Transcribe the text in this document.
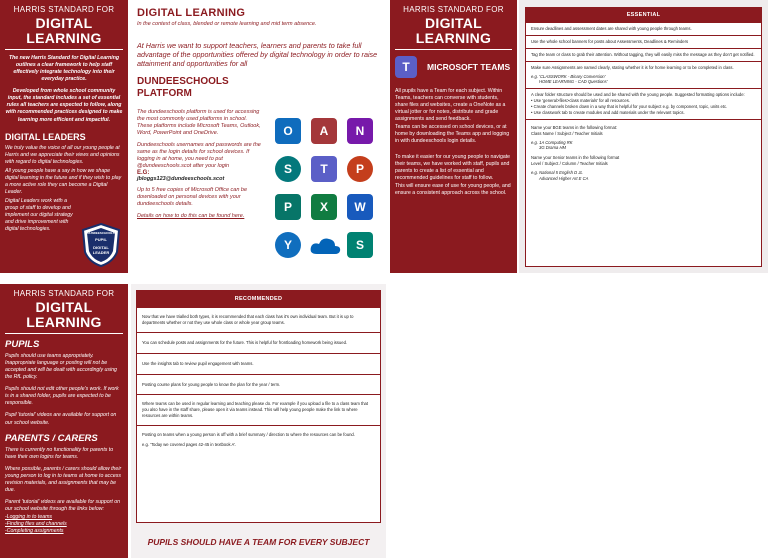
HARRIS STANDARD FOR
DIGITAL LEARNING

The new Harris Standard for Digital Learning outlines a clear framework to help staff effectively integrate technology into their everyday practice.

Developed from whole school community input, the standard includes a set of essential rules all teachers are expected to follow, along with recommended practices designed to make learning more efficient and impactful.

DIGITAL LEADERS

We truly value the voice of all our young people at Harris and we appreciate their views and opinions with regard to digital technologies.

All young people have a say in how we shape digital learning in the future and if they wish to play a more active role they can become a Digital Leader.

Digital Leaders work with a group of staff to develop and implement our digital strategy and drive improvement with digital technologies.

DUNDEESCHOOLS
PUPIL
DIGITAL
LEADER
DIGITAL LEARNING
In the context of class, blended or remote learning and mid term absence.

At Harris we want to support teachers, learners and parents to take full advantage of the opportunities offered by digital technology in order to raise attainment and opportunities for all

DUNDEESCHOOLS
PLATFORM

The dundeeschools platform is used for accessing the most commonly used platforms in school. These platforms include Microsoft Teams, Outlook, Word, PowerPoint and OneDrive.

Dundeeschools usernames and passwords are the same as the login details for school devices. If logging in at home, you need to put @dundeeschools.scot after your login

E.G:
jbloggs123@dundeeschools.scot

Up to 5 free copies of Microsoft Office can be downloaded on personal devices with your dundeeschools details.

Details on how to do this can be found here.

O	A	N
S	T	P
P	X	W
Y	S
HARRIS STANDARD FOR
DIGITAL LEARNING
T	MICROSOFT TEAMS

All pupils have a Team for each subject. Within Teams, teachers can converse with students, share files and websites, create a OneNote as a virtual jotter or for notes, distribute and grade assignments and send feedback.

Teams can be accessed on school devices, or at home by downloading the Teams app and logging in with dundeeschools login details.

To make it easier for our young people to navigate their teams, we have worked with staff, pupils and parents to create a list of essential and recommended guidelines for staff to follow.

This will ensure ease of use for young people, and ensure a consistent approach across the school.

ESSENTIAL
Ensure deadlines and assessment dates are shared with young people through teams.
Use the whole school banners for posts about Assessments, Deadlines & Reminders
Tag the team or class to grab their attention. Without tagging, they will easily miss the message as they don't get notified.
Make sure Assignments are named clearly, stating whether it is for home learning or to be completed in class.
e.g. 'CLASSWORK - Binary Conversion'
HOME LEARNING - CAD Questions'
A clear folder structure should be used and be shared with the young people. Suggested formatting options include:
• Use 'general>files>class materials' for all resources.
• Create channels broken down in a way that is helpful for your subject e.g. by component, topic, units etc.
• Use classwork tab to create modules and add materials under the relevant topics.
Name your BGE teams in the following format:
Class Name / Subject / Teacher Initials
e.g. 1A Computing RK
3G Drama HM
Name your Senior teams in the following format
Level / Subject / Column / Teacher Initials
e.g. National 5 English D JL
Advanced Higher Art E CA
HARRIS STANDARD FOR
DIGITAL LEARNING
PUPILS

Pupils should use teams appropriately. Inappropriate language or posting will not be accepted and will be dealt with accordingly using the RfL policy.

Pupils should not edit other people's work. If work is in a shared folder, pupils are expected to be responsible.

Pupil 'tutorial' videos are available for support on our school website.

PARENTS / CARERS

There is currently no functionality for parents to have their own logins for teams.

Where possible, parents / carers should allow their young person to log in to teams at home to access revision materials, and assignments that may be due.

Parent 'tutorial' videos are available for support on our school website through the links below:

-Logging in to teams
-Finding files and channels
-Completing assignments
RECOMMENDED
Now that we have trialled both types, it is recommended that each class has it's own individual team. But it is up to departments whether or not they use whole class or whole year group teams.
You can schedule posts and assignments for the future. This is helpful for frontloading homework being issued.
Use the insights tab to review pupil engagement with teams.
Posting course plans for young people to know the plan for the year / term.
Where teams can be used in regular learning and teaching please do. For example if you upload a file to a class team that you also have in the staff share, please open it via teams instead. This will help young people make the link to where resources are within teams.
Posting on teams when a young person is off with a brief summary / direction to where the resources can be found.
e.g. 'Today we covered pages 42-45 in textbook A'.
PUPILS SHOULD HAVE A TEAM FOR EVERY SUBJECT
